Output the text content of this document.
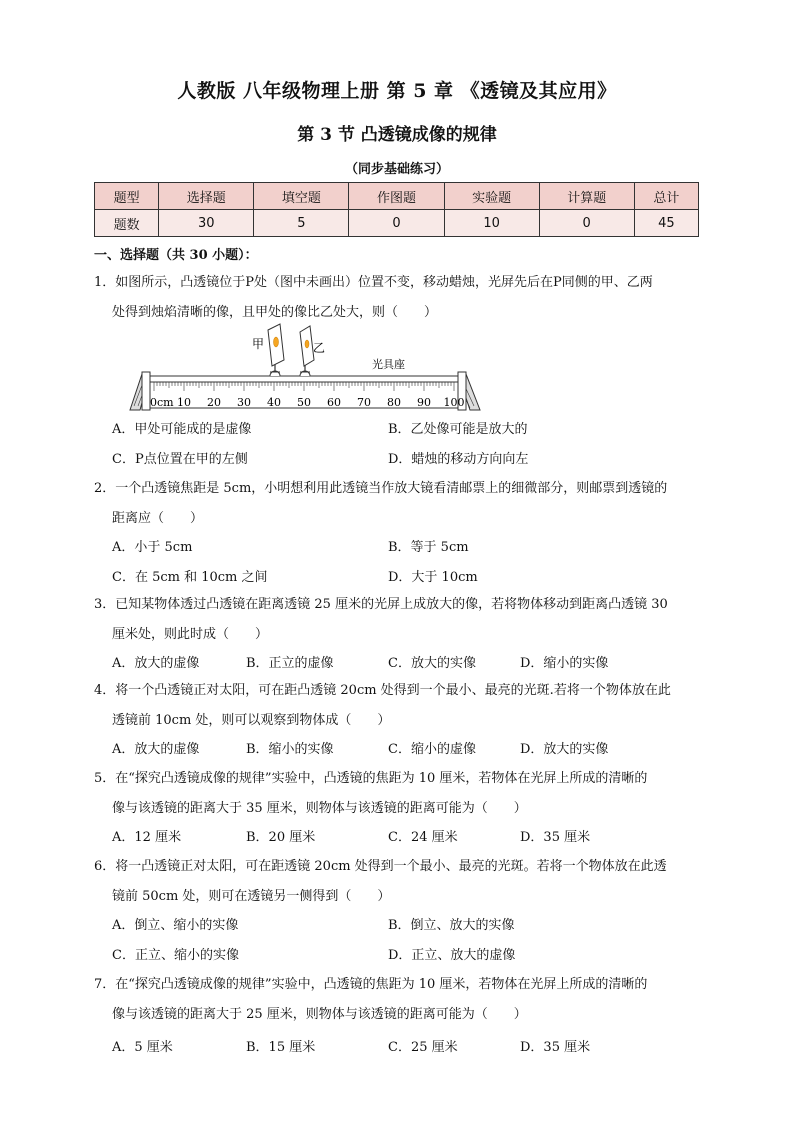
人教版 八年级物理上册 第 5 章 《透镜及其应用》
第 3 节 凸透镜成像的规律
（同步基础练习）
题型	选择题	填空题	作图题	实验题	计算题	总计
题数	30	5	0	10	0	45
一、选择题（共 30 小题）：
1．如图所示，凸透镜位于P处（图中未画出）位置不变，移动蜡烛，光屏先后在P同侧的甲、乙两
处得到烛焰清晰的像，且甲处的像比乙处大，则（　　）
0cm 10 20 30 40 50 60 70 80 90 100
甲	乙
光具座
A．甲处可能成的是虚像	B．乙处像可能是放大的
C．P点位置在甲的左侧	D．蜡烛的移动方向向左
2．一个凸透镜焦距是 5cm，小明想利用此透镜当作放大镜看清邮票上的细微部分，则邮票到透镜的
距离应（　　）
A．小于 5cm	B．等于 5cm
C．在 5cm 和 10cm 之间	D．大于 10cm
3．已知某物体透过凸透镜在距离透镜 25 厘米的光屏上成放大的像，若将物体移动到距离凸透镜 30
厘米处，则此时成（　　）
A．放大的虚像	B．正立的虚像	C．放大的实像	D．缩小的实像
4．将一个凸透镜正对太阳，可在距凸透镜 20cm 处得到一个最小、最亮的光斑.若将一个物体放在此
透镜前 10cm 处，则可以观察到物体成（　　）
A．放大的虚像	B．缩小的实像	C．缩小的虚像	D．放大的实像
5．在“探究凸透镜成像的规律”实验中，凸透镜的焦距为 10 厘米，若物体在光屏上所成的清晰的
像与该透镜的距离大于 35 厘米，则物体与该透镜的距离可能为（　　）
A．12 厘米	B．20 厘米	C．24 厘米	D．35 厘米
6．将一凸透镜正对太阳，可在距透镜 20cm 处得到一个最小、最亮的光斑。若将一个物体放在此透
镜前 50cm 处，则可在透镜另一侧得到（　　）
A．倒立、缩小的实像	B．倒立、放大的实像
C．正立、缩小的实像	D．正立、放大的虚像
7．在“探究凸透镜成像的规律”实验中，凸透镜的焦距为 10 厘米，若物体在光屏上所成的清晰的
像与该透镜的距离大于 25 厘米，则物体与该透镜的距离可能为（　　）
A．5 厘米	B．15 厘米	C．25 厘米	D．35 厘米
